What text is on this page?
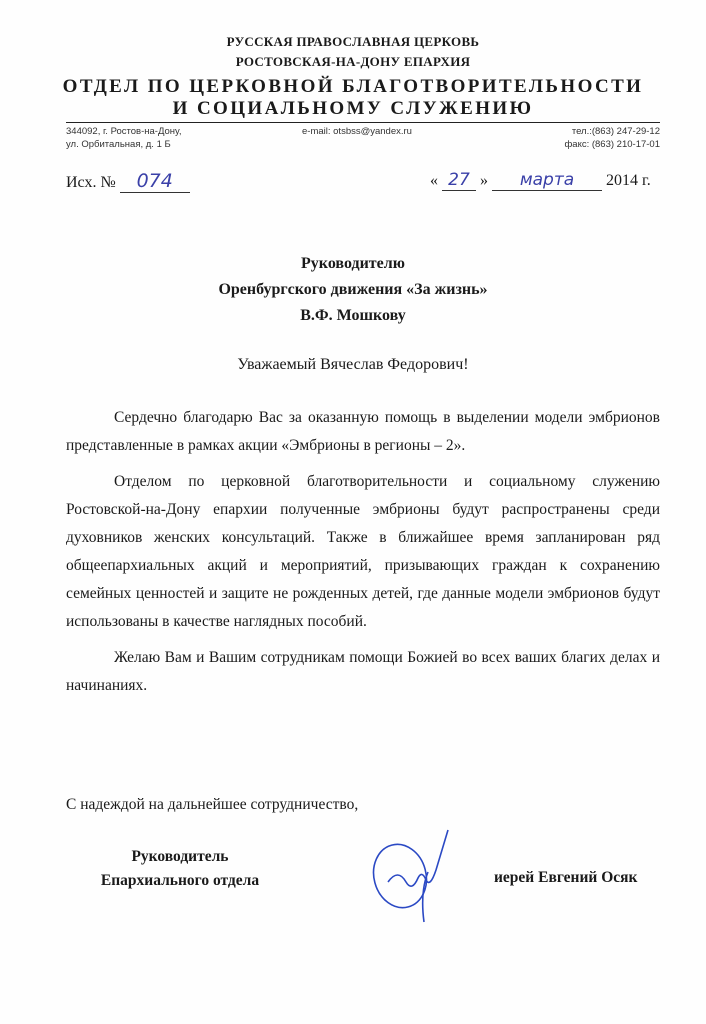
РУССКАЯ ПРАВОСЛАВНАЯ ЦЕРКОВЬ
РОСТОВСКАЯ-НА-ДОНУ ЕПАРХИЯ
ОТДЕЛ ПО ЦЕРКОВНОЙ БЛАГОТВОРИТЕЛЬНОСТИ
И СОЦИАЛЬНОМУ СЛУЖЕНИЮ
344092, г. Ростов-на-Дону,
ул. Орбитальная, д. 1 Б
e-mail: otsbss@yandex.ru	тел.:(863) 247-29-12
факс: (863) 210-17-01
Исх. № 074	« 27 » марта 2014 г.
Руководителю
Оренбургского движения «За жизнь»
В.Ф. Мошкову
Уважаемый Вячеслав Федорович!
Сердечно благодарю Вас за оказанную помощь в выделении модели эмбрионов представленные в рамках акции «Эмбрионы в регионы – 2».
Отделом по церковной благотворительности и социальному служению Ростовской-на-Дону епархии полученные эмбрионы будут распространены среди духовников женских консультаций. Также в ближайшее время запланирован ряд общеепархиальных акций и мероприятий, призывающих граждан к сохранению семейных ценностей и защите не рожденных детей, где данные модели эмбрионов будут использованы в качестве наглядных пособий.
Желаю Вам и Вашим сотрудникам помощи Божией во всех ваших благих делах и начинаниях.
С надеждой на дальнейшее сотрудничество,
Руководитель
Епархиального отдела	иерей Евгений Осяк
